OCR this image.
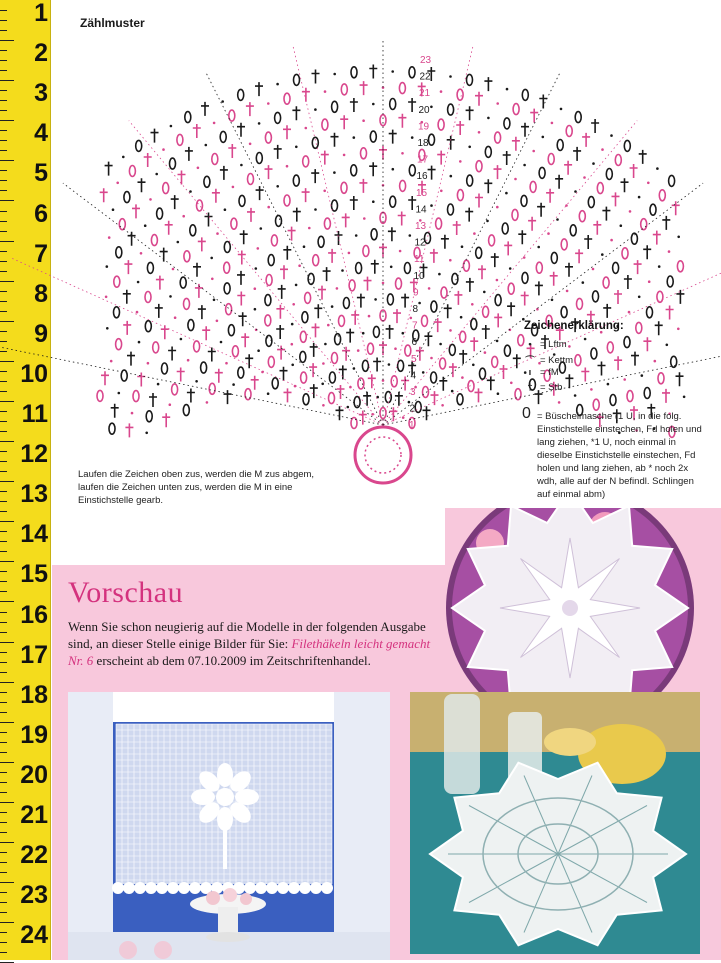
1
2
3
4
5
6
7
8
9
10
11
12
13
14
15
16
17
18
19
20
21
22
23
24
Zählmuster
23
22
21
20
19
18
17
16
15
14
13
12
11
10
9
8
7
6
5
4
3
2
1
Laufen die Zeichen oben zus, werden die M zus abgem, laufen die Zeichen unten zus, werden die M in eine Einstichstelle gearb.
Zeichenerklärung:
• = Lftm
⌒ = Kettm
ı = fM
† = Stb
0 = Büschelmasche (1 U, in die folg. Einstichstelle einstechen, Fd holen und lang ziehen, *1 U, noch einmal in dieselbe Einstichstelle einstechen, Fd holen und lang ziehen, ab * noch 2x wdh, alle auf der N befindl. Schlingen auf einmal abm)
Vorschau
Wenn Sie schon neugierig auf die Modelle in der folgenden Ausgabe sind, an dieser Stelle einige Bilder für Sie: Filethäkeln leicht gemacht Nr. 6 erscheint ab dem 07.10.2009 im Zeitschriftenhandel.
